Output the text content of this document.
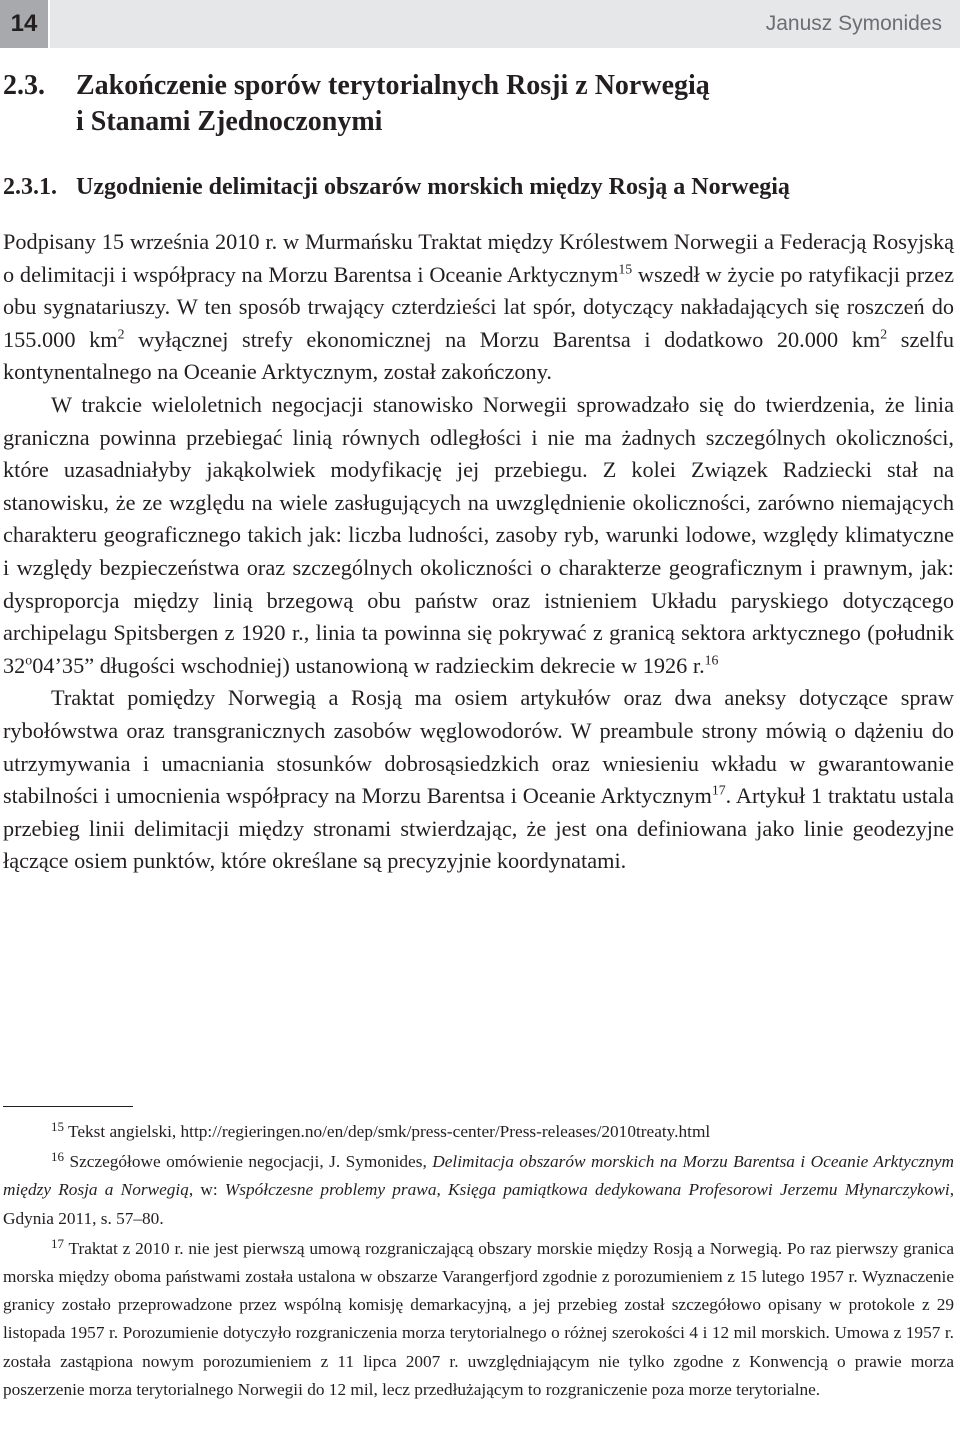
14	Janusz Symonides
2.3.	Zakończenie sporów terytorialnych Rosji z Norwegią
i Stanami Zjednoczonymi
2.3.1. Uzgodnienie delimitacji obszarów morskich między Rosją a Norwegią

Podpisany 15 września 2010 r. w Murmańsku Traktat między Królestwem Norwegii a Federacją Rosyjską o delimitacji i współpracy na Morzu Barentsa i Oceanie Arktycznym$^{15}$ wszedł w życie po ratyfikacji przez obu sygnatariuszy. W ten sposób trwający czterdzieści lat spór, dotyczący nakładających się roszczeń do 155.000 $km^2$ wyłącznej strefy ekonomicznej na Morzu Barentsa i dodatkowo 20.000 $km^2$ szelfu kontynentalnego na Oceanie Arktycznym, został zakończony.

W trakcie wieloletnich negocjacji stanowisko Norwegii sprowadzało się do twierdzenia, że linia graniczna powinna przebiegać linią równych odległości i nie ma żadnych szczególnych okoliczności, które uzasadniałyby jakąkolwiek modyfikację jej przebiegu. Z kolei Związek Radziecki stał na stanowisku, że ze względu na wiele zasługujących na uwzględnienie okoliczności, zarówno niemających charakteru geograficznego takich jak: liczba ludności, zasoby ryb, warunki lodowe, względy klimatyczne i względy bezpieczeństwa oraz szczególnych okoliczności o charakterze geograficznym i prawnym, jak: dysproporcja między linią brzegową obu państw oraz istnieniem Układu paryskiego dotyczącego archipelagu Spitsbergen z 1920 r., linia ta powinna się pokrywać z granicą sektora arktycznego (południk 32$^o$04’35” długości wschodniej) ustanowioną w radzieckim dekrecie w 1926 r.$^{16}$

Traktat pomiędzy Norwegią a Rosją ma osiem artykułów oraz dwa aneksy dotyczące spraw rybołówstwa oraz transgranicznych zasobów węglowodorów. W preambule strony mówią o dążeniu do utrzymywania i umacniania stosunków dobrosąsiedzkich oraz wniesieniu wkładu w gwarantowanie stabilności i umocnienia współpracy na Morzu Barentsa i Oceanie Arktycznym$^{17}$. Artykuł 1 traktatu ustala przebieg linii delimitacji między stronami stwierdzając, że jest ona definiowana jako linie geodezyjne łączące osiem punktów, które określane są precyzyjnie koordynatami.

$^{15}$ Tekst angielski, http://regieringen.no/en/dep/smk/press-center/Press-releases/2010treaty.html

$^{16}$ Szczegółowe omówienie negocjacji, J. Symonides, Delimitacja obszarów morskich na Morzu Barentsa i Oceanie Arktycznym między Rosja a Norwegią, w: Współczesne problemy prawa, Księga pamiątkowa dedykowana Profesorowi Jerzemu Młynarczykowi, Gdynia 2011, s. 57–80.

$^{17}$ Traktat z 2010 r. nie jest pierwszą umową rozgraniczającą obszary morskie między Rosją a Norwegią. Po raz pierwszy granica morska między oboma państwami została ustalona w obszarze Varangerfjord zgodnie z porozumieniem z 15 lutego 1957 r. Wyznaczenie granicy zostało przeprowadzone przez wspólną komisję demarkacyjną, a jej przebieg został szczegółowo opisany w protokole z 29 listopada 1957 r. Porozumienie dotyczyło rozgraniczenia morza terytorialnego o różnej szerokości 4 i 12 mil morskich. Umowa z 1957 r. została zastąpiona nowym porozumieniem z 11 lipca 2007 r. uwzględniającym nie tylko zgodne z Konwencją o prawie morza poszerzenie morza terytorialnego Norwegii do 12 mil, lecz przedłużającym to rozgraniczenie poza morze terytorialne.
